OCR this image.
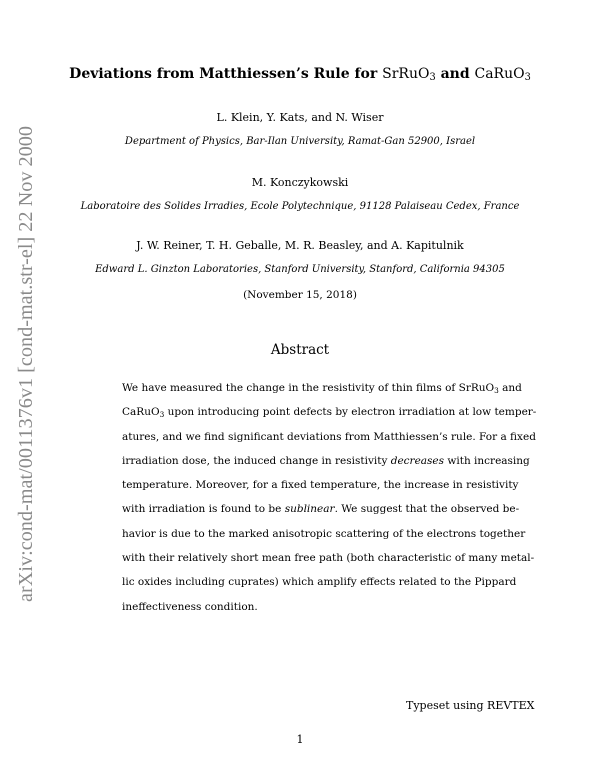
arXiv:cond-mat/0011376v1 [cond-mat.str-el] 22 Nov 2000
Deviations from Matthiessen’s Rule for SrRuO$_3$ and CaRuO$_3$
L. Klein, Y. Kats, and N. Wiser
Department of Physics, Bar-Ilan University, Ramat-Gan 52900, Israel
M. Konczykowski
Laboratoire des Solides Irradies, Ecole Polytechnique, 91128 Palaiseau Cedex, France
J. W. Reiner, T. H. Geballe, M. R. Beasley, and A. Kapitulnik
Edward L. Ginzton Laboratories, Stanford University, Stanford, California 94305
(November 15, 2018)
Abstract
We have measured the change in the resistivity of thin films of SrRuO$_3$ and
CaRuO$_3$ upon introducing point defects by electron irradiation at low temper-
atures, and we find significant deviations from Matthiessen’s rule. For a fixed
irradiation dose, the induced change in resistivity decreases with increasing
temperature. Moreover, for a fixed temperature, the increase in resistivity
with irradiation is found to be sublinear. We suggest that the observed be-
havior is due to the marked anisotropic scattering of the electrons together
with their relatively short mean free path (both characteristic of many metal-
lic oxides including cuprates) which amplify effects related to the Pippard
ineffectiveness condition.
Typeset using REVTEX
1
